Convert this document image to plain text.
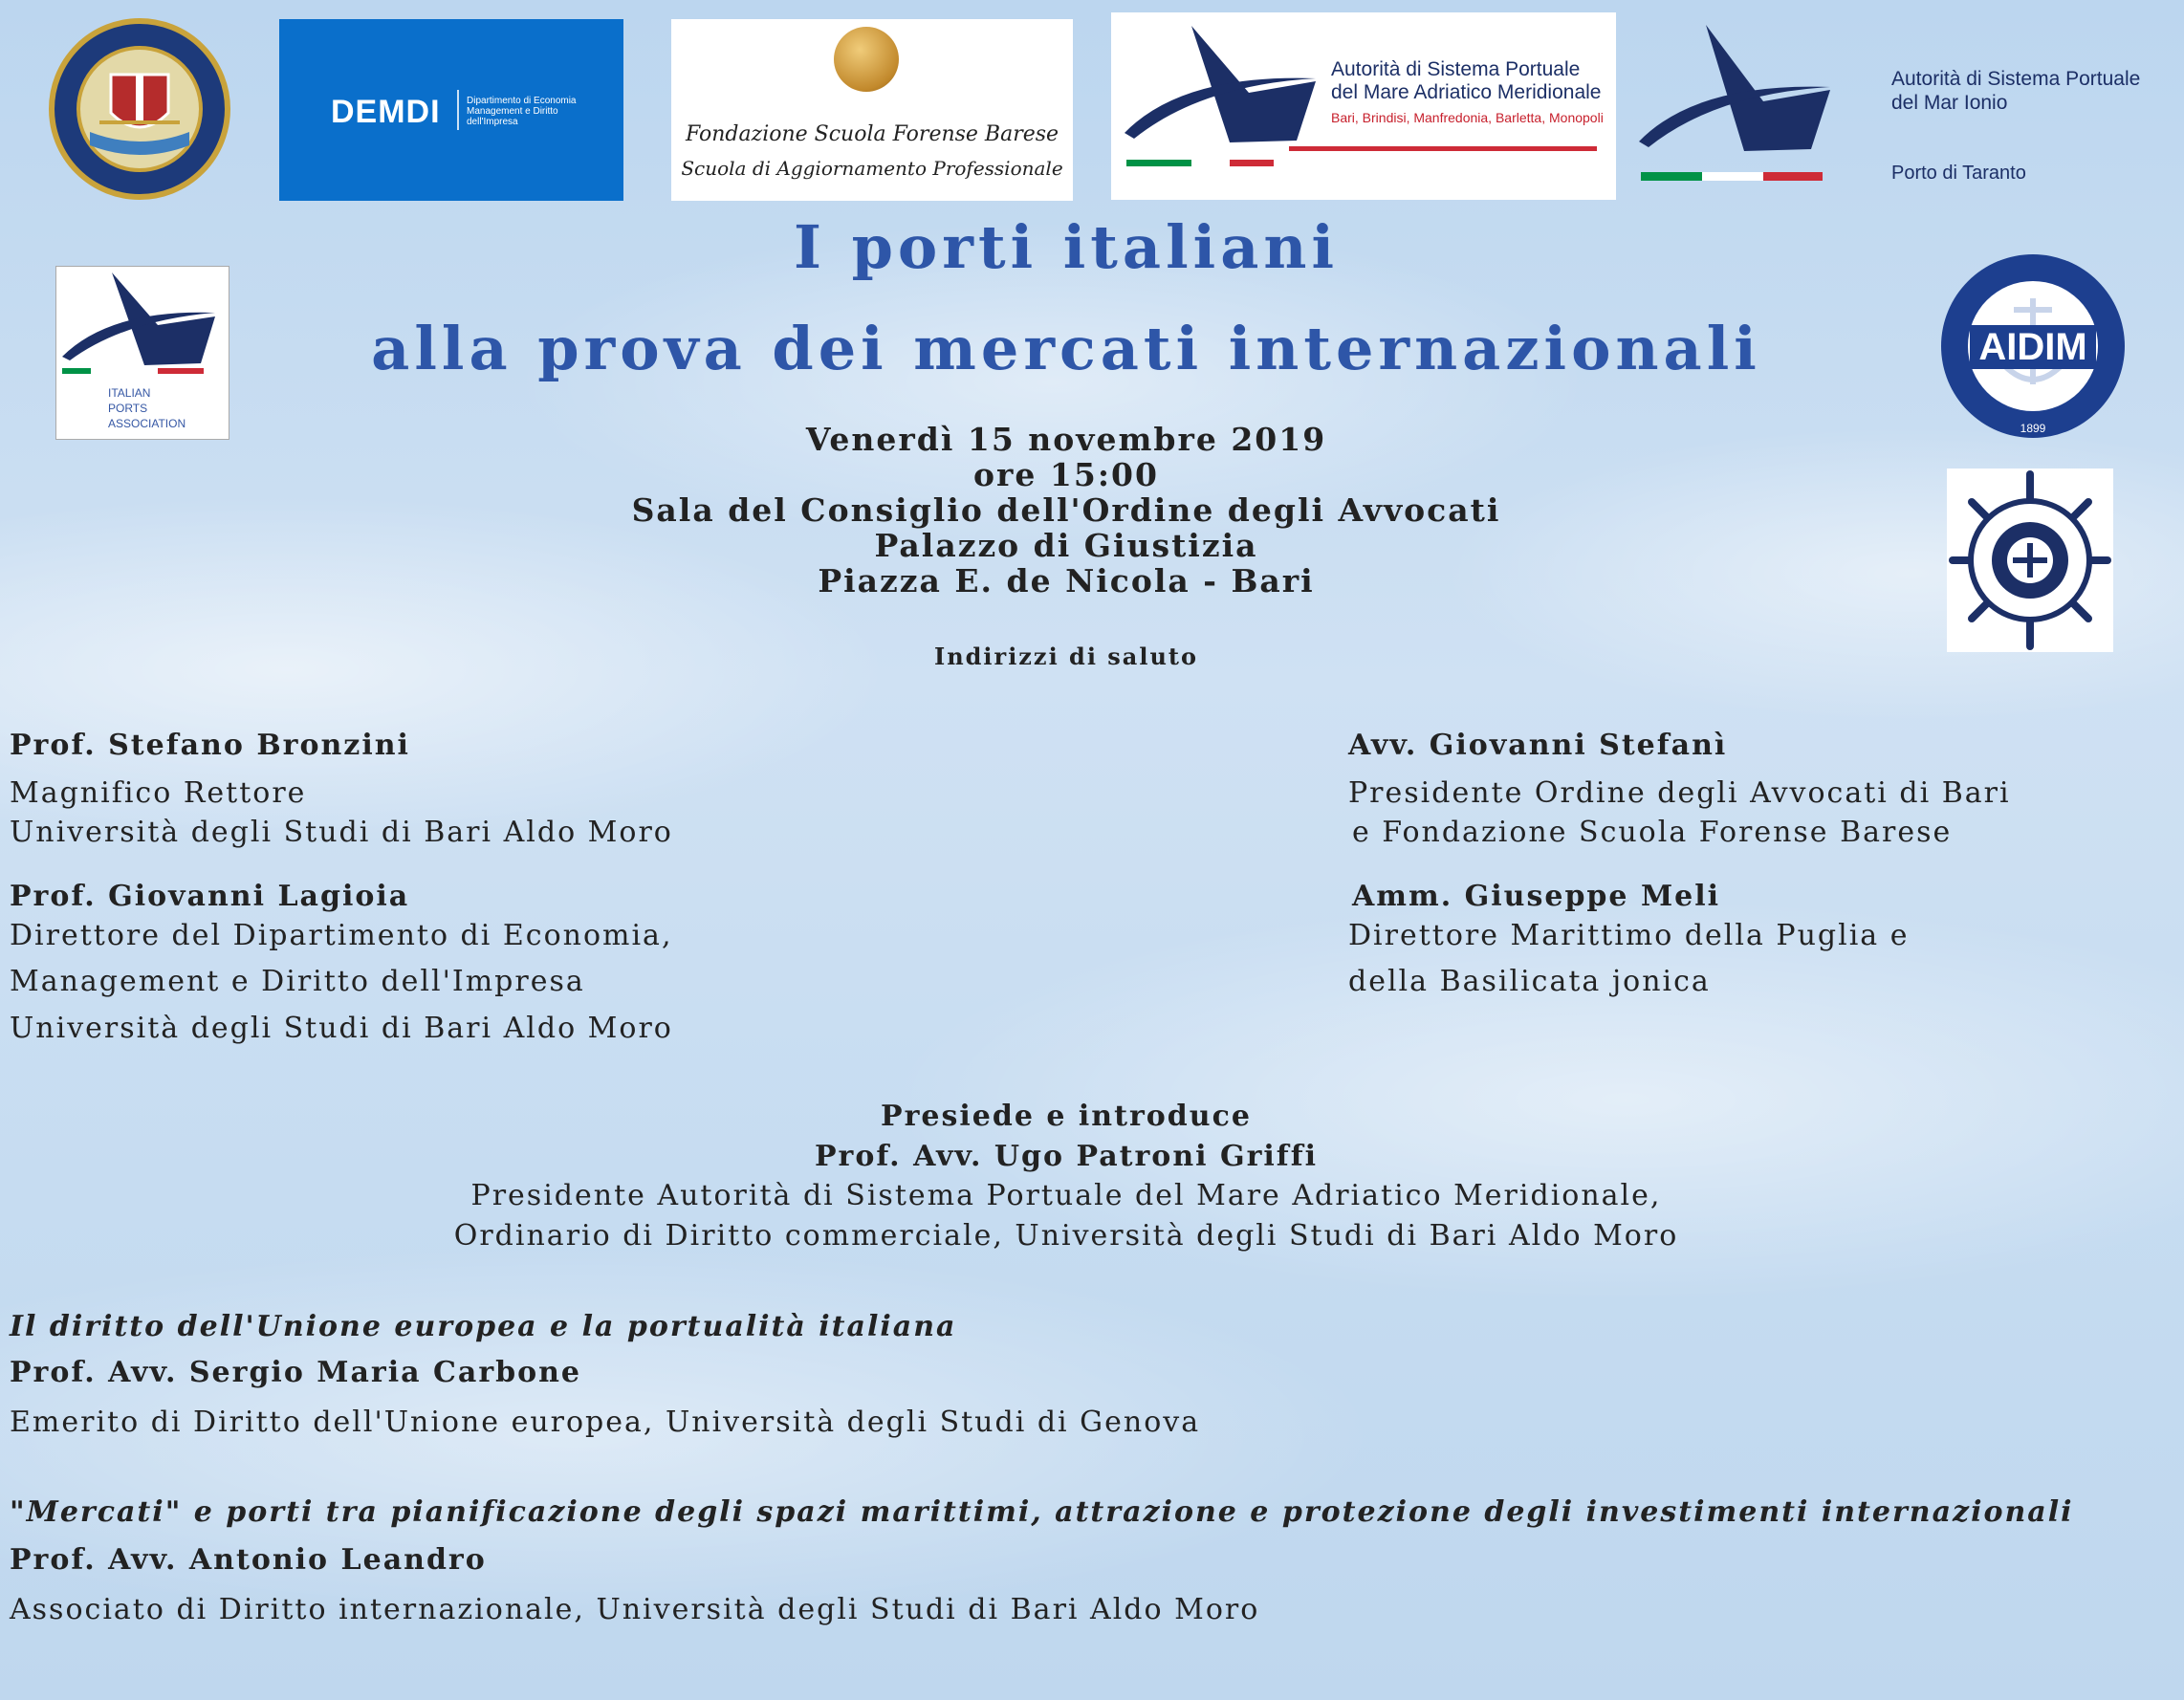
DEMDI	Dipartimento di Economia Management e Diritto dell'Impresa
Fondazione Scuola Forense Barese
Scuola di Aggiornamento Professionale
Autorità di Sistema Portuale
del Mare Adriatico Meridionale
Bari, Brindisi, Manfredonia, Barletta, Monopoli
Autorità di Sistema Portuale
del Mar Ionio
Porto di Taranto
ITALIAN
PORTS
ASSOCIATION
AIDIM
1899
I porti italiani
alla prova dei mercati internazionali
Venerdì 15 novembre 2019
ore 15:00
Sala del Consiglio dell'Ordine degli Avvocati
Palazzo di Giustizia
Piazza E. de Nicola - Bari
Indirizzi di saluto
Prof. Stefano Bronzini
Magnifico Rettore
Università degli Studi di Bari Aldo Moro
Prof. Giovanni Lagioia
Direttore del Dipartimento di Economia,
Management e Diritto dell'Impresa
Università degli Studi di Bari Aldo Moro
Avv. Giovanni Stefanì
Presidente Ordine degli Avvocati di Bari
e Fondazione Scuola Forense Barese
Amm. Giuseppe Meli
Direttore Marittimo della Puglia e
della Basilicata jonica
Presiede e introduce
Prof. Avv. Ugo Patroni Griffi
Presidente Autorità di Sistema Portuale del Mare Adriatico Meridionale,
Ordinario di Diritto commerciale, Università degli Studi di Bari Aldo Moro
Il diritto dell'Unione europea e la portualità italiana
Prof. Avv. Sergio Maria Carbone
Emerito di Diritto dell'Unione europea, Università degli Studi di Genova
"Mercati" e porti tra pianificazione degli spazi marittimi, attrazione e protezione degli investimenti internazionali
Prof. Avv. Antonio Leandro
Associato di Diritto internazionale, Università degli Studi di Bari Aldo Moro
